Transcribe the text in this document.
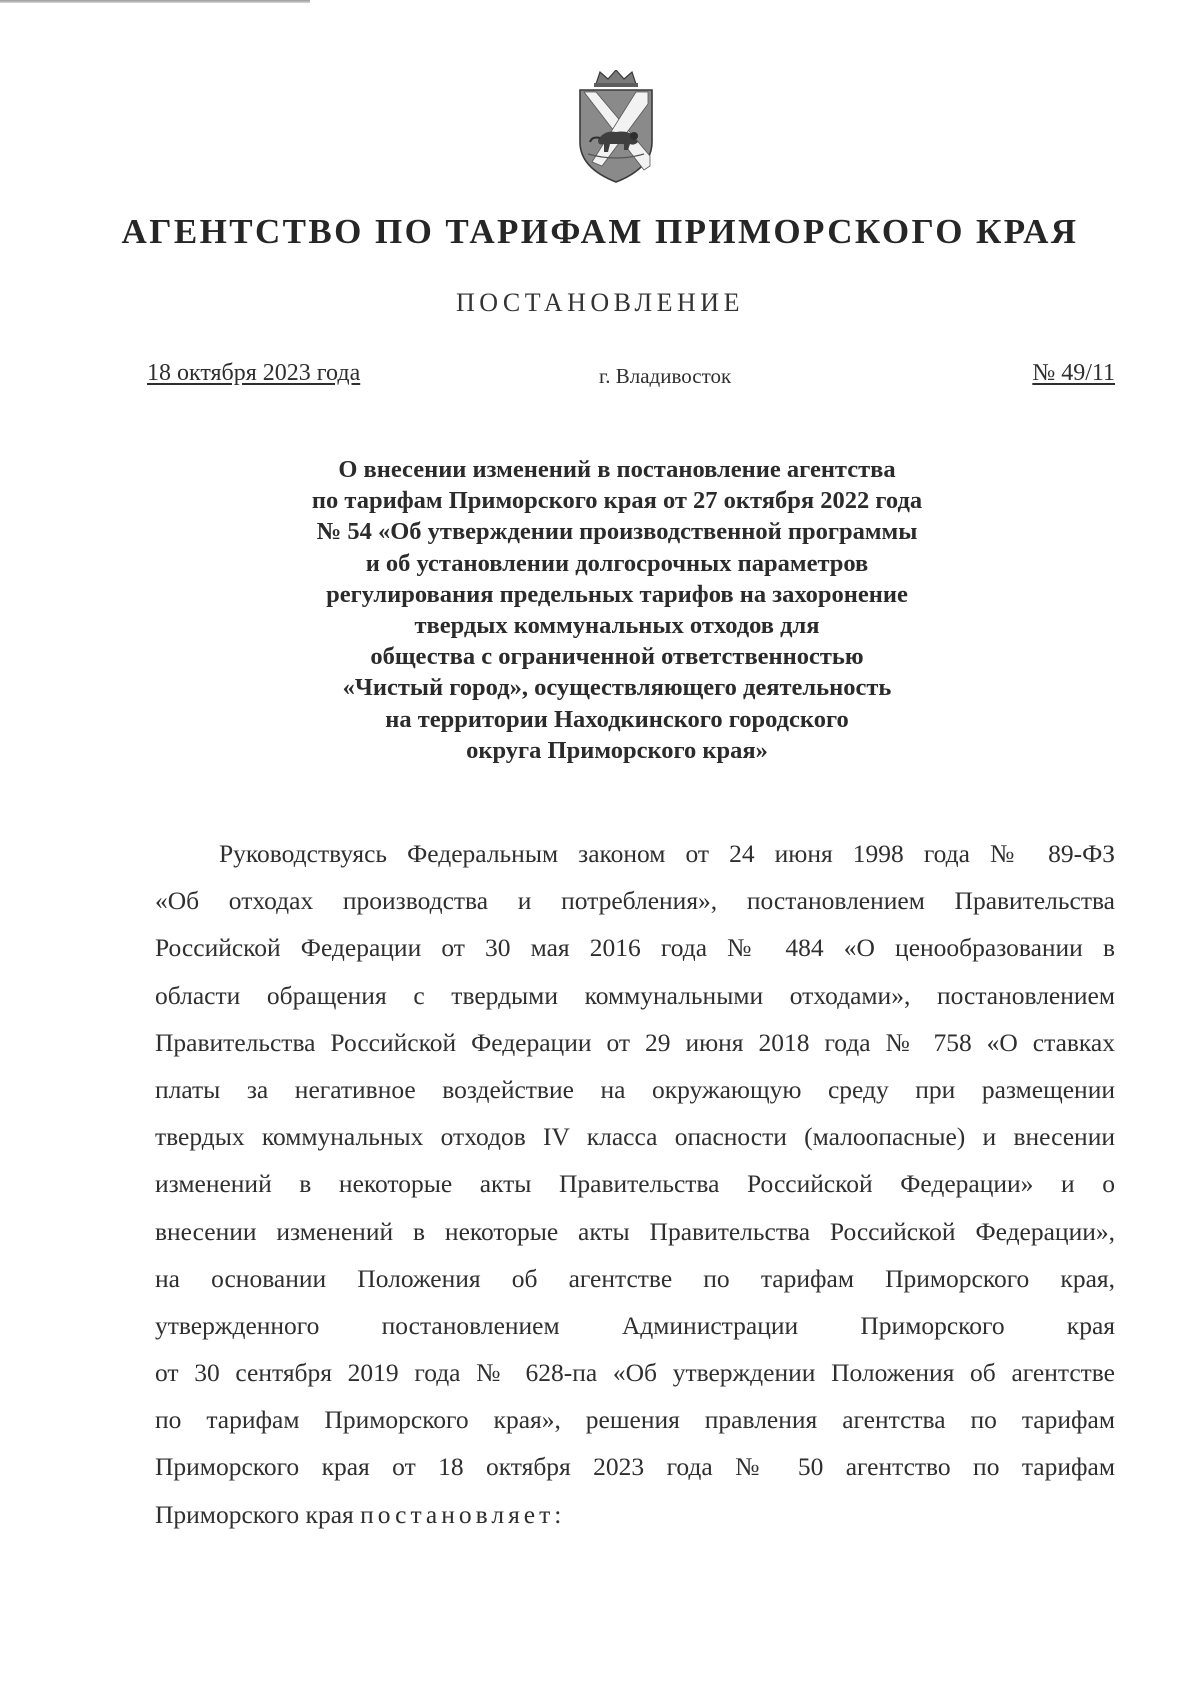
АГЕНТСТВО ПО ТАРИФАМ ПРИМОРСКОГО КРАЯ
ПОСТАНОВЛЕНИЕ
18 октября 2023 года	г. Владивосток	№ 49/11
О внесении изменений в постановление агентства
по тарифам Приморского края от 27 октября 2022 года
№ 54 «Об утверждении производственной программы
и об установлении долгосрочных параметров
регулирования предельных тарифов на захоронение
твердых коммунальных отходов для
общества с ограниченной ответственностью
«Чистый город», осуществляющего деятельность
на территории Находкинского городского
округа Приморского края»
Руководствуясь Федеральным законом от 24 июня 1998 года № 89-ФЗ
«Об отходах производства и потребления», постановлением Правительства
Российской Федерации от 30 мая 2016 года № 484 «О ценообразовании в
области обращения с твердыми коммунальными отходами», постановлением
Правительства Российской Федерации от 29 июня 2018 года № 758 «О ставках
платы за негативное воздействие на окружающую среду при размещении
твердых коммунальных отходов IV класса опасности (малоопасные) и внесении
изменений в некоторые акты Правительства Российской Федерации» и о
внесении изменений в некоторые акты Правительства Российской Федерации»,
на основании Положения об агентстве по тарифам Приморского края,
утвержденного постановлением Администрации Приморского края
от 30 сентября 2019 года № 628-па «Об утверждении Положения об агентстве
по тарифам Приморского края», решения правления агентства по тарифам
Приморского края от 18 октября 2023 года № 50 агентство по тарифам
Приморского края постановляет:
